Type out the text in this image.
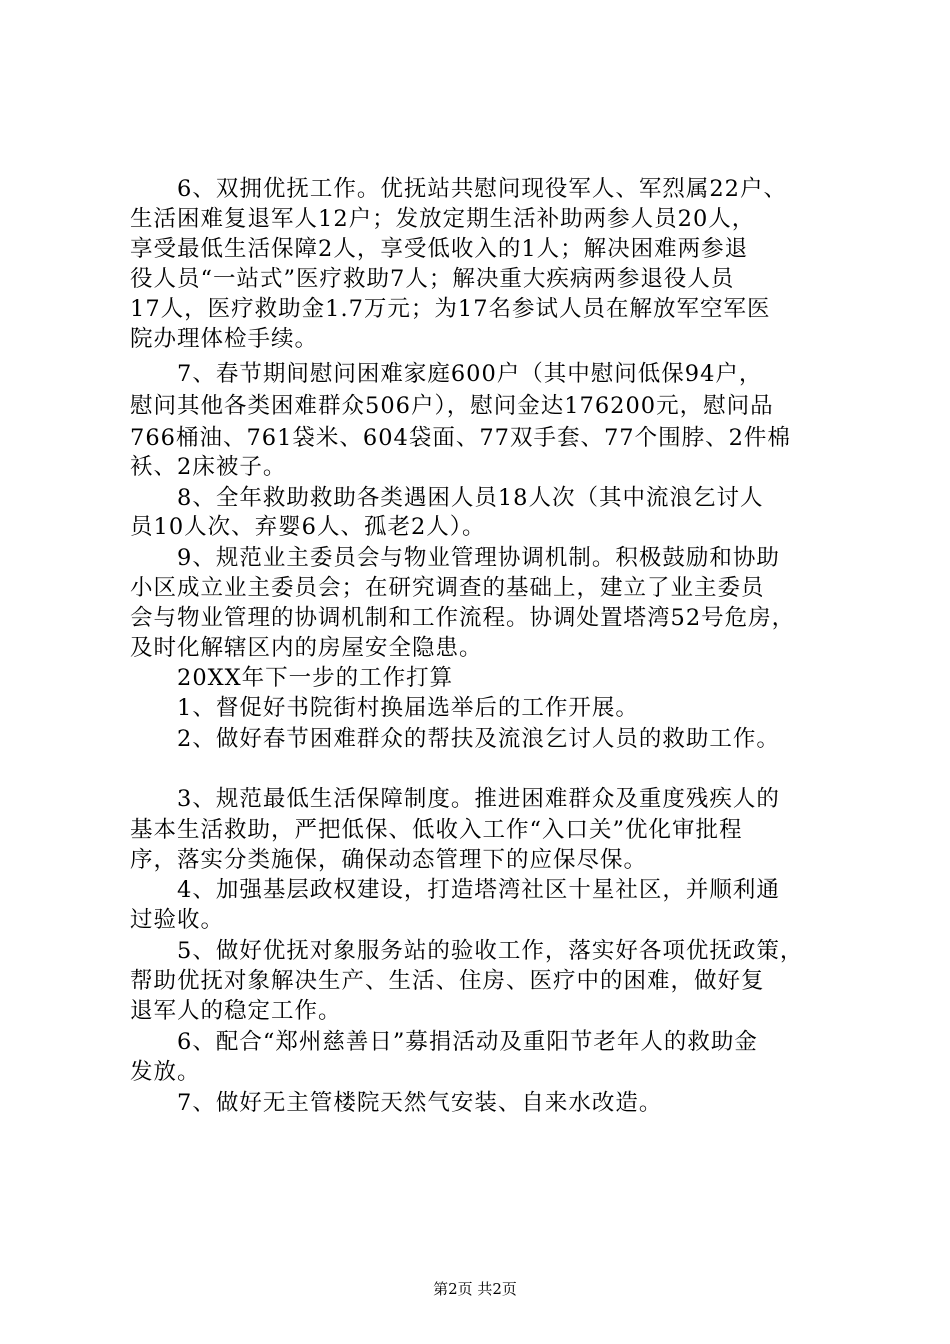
　　6、双拥优抚工作。优抚站共慰问现役军人、军烈属22户、
生活困难复退军人12户；发放定期生活补助两参人员20人，
享受最低生活保障2人，享受低收入的1人；解决困难两参退
役人员“一站式”医疗救助7人；解决重大疾病两参退役人员
17人，医疗救助金1.7万元；为17名参试人员在解放军空军医
院办理体检手续。
　　7、春节期间慰问困难家庭600户（其中慰问低保94户，
慰问其他各类困难群众506户），慰问金达176200元，慰问品
766桶油、761袋米、604袋面、77双手套、77个围脖、2件棉
袄、2床被子。
　　8、全年救助救助各类遇困人员18人次（其中流浪乞讨人
员10人次、弃婴6人、孤老2人）。
　　9、规范业主委员会与物业管理协调机制。积极鼓励和协助
小区成立业主委员会；在研究调查的基础上，建立了业主委员
会与物业管理的协调机制和工作流程。协调处置塔湾52号危房，
及时化解辖区内的房屋安全隐患。
　　20XX年下一步的工作打算
　　1、督促好书院街村换届选举后的工作开展。
　　2、做好春节困难群众的帮扶及流浪乞讨人员的救助工作。
　　3、规范最低生活保障制度。推进困难群众及重度残疾人的
基本生活救助，严把低保、低收入工作“入口关”优化审批程
序，落实分类施保，确保动态管理下的应保尽保。
　　4、加强基层政权建设，打造塔湾社区十星社区，并顺利通
过验收。
　　5、做好优抚对象服务站的验收工作，落实好各项优抚政策，
帮助优抚对象解决生产、生活、住房、医疗中的困难，做好复
退军人的稳定工作。
　　6、配合“郑州慈善日”募捐活动及重阳节老年人的救助金
发放。
　　7、做好无主管楼院天然气安装、自来水改造。
第2页 共2页
